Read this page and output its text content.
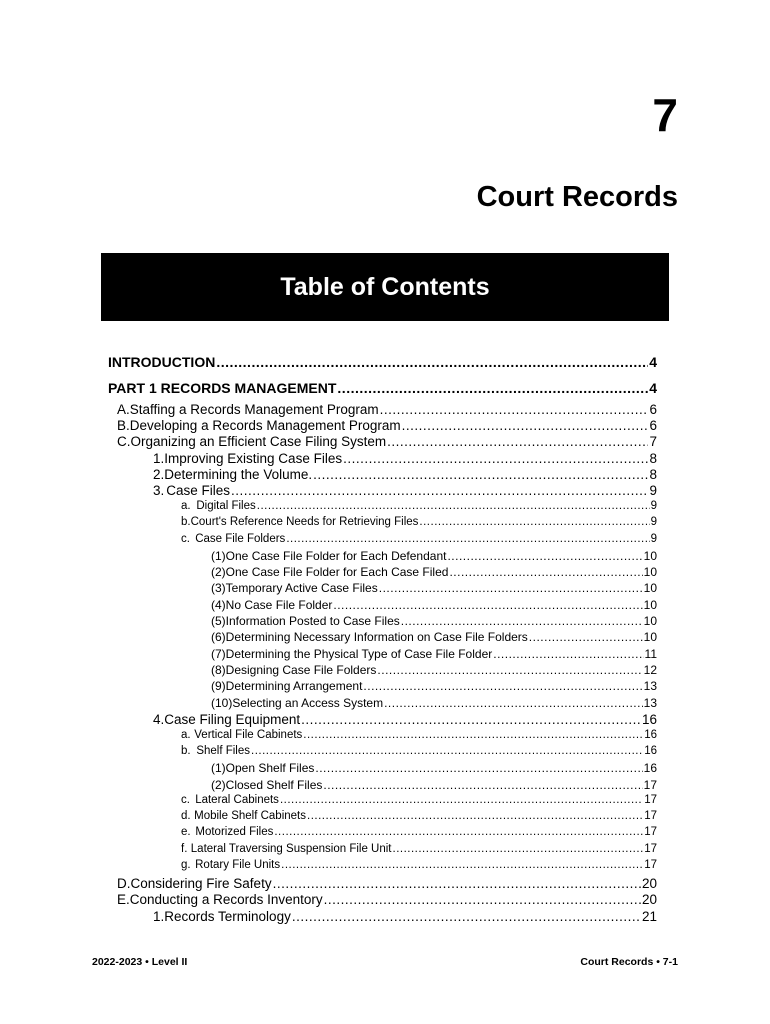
7
Court Records
Table of Contents
INTRODUCTION .....	4
PART 1 RECORDS MANAGEMENT .....	4
A. Staffing a Records Management Program .....	6
B. Developing a Records Management Program .....	6
C. Organizing an Efficient Case Filing System .....	7
1. Improving Existing Case Files .....	8
2. Determining the Volume. .....	8
3. Case Files .....	9
a. Digital Files .....	9
b. Court's Reference Needs for Retrieving Files .....	9
c. Case File Folders .....	9
(1) One Case File Folder for Each Defendant .....	10
(2) One Case File Folder for Each Case Filed .....	10
(3) Temporary Active Case Files .....	10
(4) No Case File Folder .....	10
(5) Information Posted to Case Files .....	10
(6) Determining Necessary Information on Case File Folders .....	10
(7) Determining the Physical Type of Case File Folder .....	11
(8) Designing Case File Folders .....	12
(9) Determining Arrangement .....	13
(10) Selecting an Access System .....	13
4. Case Filing Equipment .....	16
a. Vertical File Cabinets .....	16
b. Shelf Files .....	16
(1) Open Shelf Files .....	16
(2) Closed Shelf Files .....	17
c. Lateral Cabinets .....	17
d. Mobile Shelf Cabinets .....	17
e. Motorized Files .....	17
f. Lateral Traversing Suspension File Unit .....	17
g. Rotary File Units .....	17
D. Considering Fire Safety .....	20
E. Conducting a Records Inventory .....	20
1. Records Terminology .....	21
2022-2023 • Level II	Court Records • 7-1
